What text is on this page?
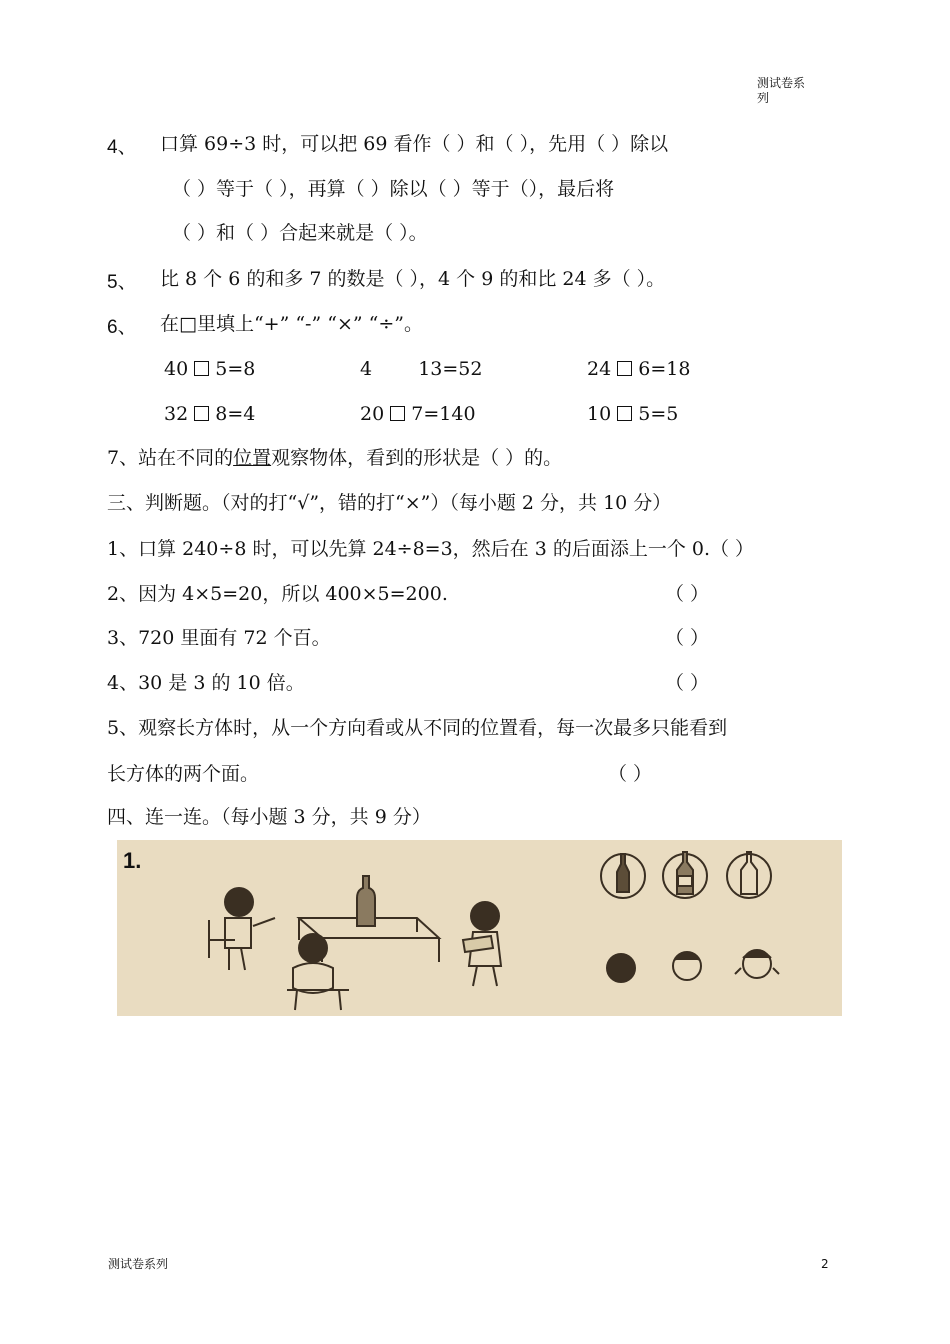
测试卷系
列
4、 口算 69÷3 时，可以把 69 看作（ ）和（ ），先用（ ）除以
（ ）等于（ ），再算（ ）除以（ ）等于（），最后将
（ ）和（ ）合起来就是（ ）。
5、 比 8 个 6 的和多 7 的数是（ ），4 个 9 的和比 24 多（ ）。
6、 在□里填上“+” “-” “×” “÷”。
40 5=8	4 13=52	24 6=18
32 8=4	20 7=140	10 5=5
7、站在不同的位置观察物体，看到的形状是（ ）的。
三、判断题。（对的打“√”，错的打“×”）（每小题 2 分，共 10 分）
1、口算 240÷8 时，可以先算 24÷8=3，然后在 3 的后面添上一个 0.（ ）
2、因为 4×5=20，所以 400×5=200.	（ ）
3、720 里面有 72 个百。	（ ）
4、30 是 3 的 10 倍。	（ ）
5、观察长方体时，从一个方向看或从不同的位置看，每一次最多只能看到
长方体的两个面。	（ ）
四、连一连。（每小题 3 分，共 9 分）
1.
测试卷系列	2
